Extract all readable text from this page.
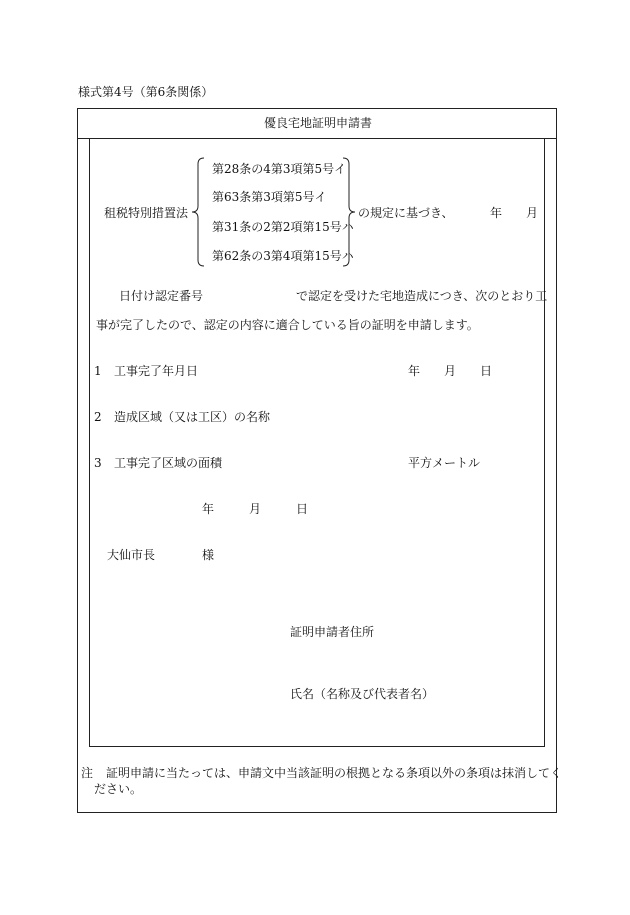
様式第4号（第6条関係）
優良宅地証明申請書
租税特別措置法
第28条の4第3項第5号イ
第63条第3項第5号イ
第31条の2第2項第15号ハ
第62条の3第4項第15号ハ
の規定に基づき、	年 月
日付け認定番号	で認定を受けた宅地造成につき、次のとおり工
事が完了したので、認定の内容に適合している旨の証明を申請します。
1 工事完了年月日	年 月 日
2 造成区域（又は工区）の名称
3 工事完了区域の面積	平方メートル
年	月	日
大仙市長	様
証明申請者住所
氏名（名称及び代表者名）
注 証明申請に当たっては、申請文中当該証明の根拠となる条項以外の条項は抹消してく
ださい。
